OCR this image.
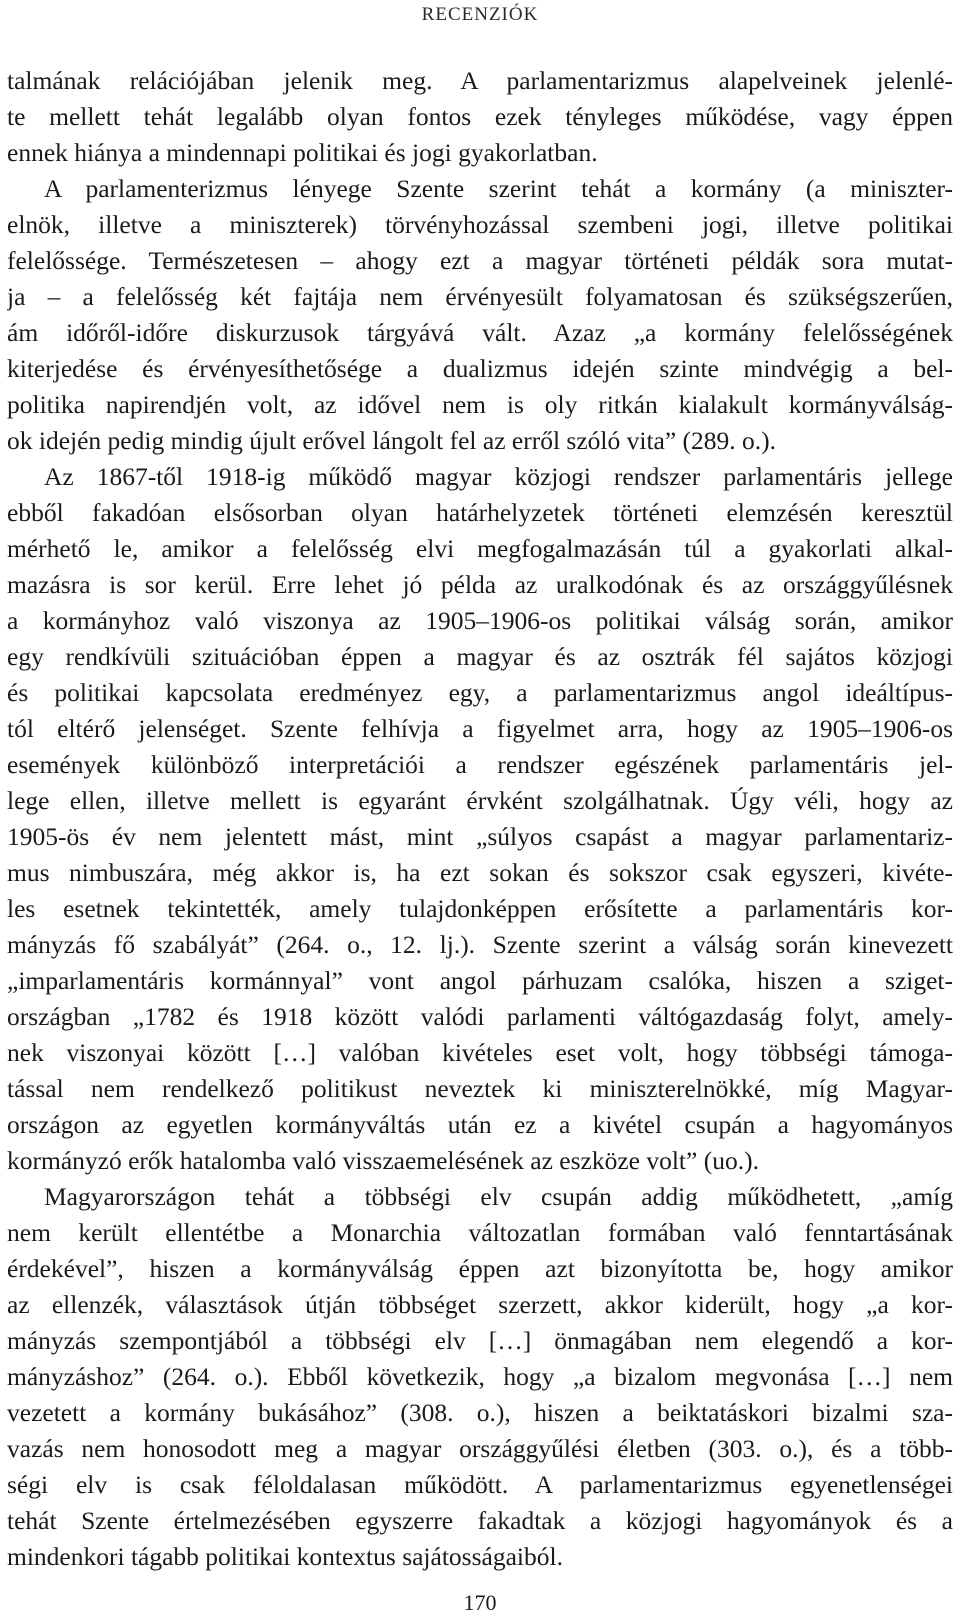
RECENZIÓK
talmának relációjában jelenik meg. A parlamentarizmus alapelveinek jelenlé-
te mellett tehát legalább olyan fontos ezek tényleges működése, vagy éppen
ennek hiánya a mindennapi politikai és jogi gyakorlatban.
A parlamenterizmus lényege Szente szerint tehát a kormány (a miniszter-
elnök, illetve a miniszterek) törvényhozással szembeni jogi, illetve politikai
felelőssége. Természetesen – ahogy ezt a magyar történeti példák sora mutat-
ja – a felelősség két fajtája nem érvényesült folyamatosan és szükségszerűen,
ám időről-időre diskurzusok tárgyává vált. Azaz „a kormány felelősségének
kiterjedése és érvényesíthetősége a dualizmus idején szinte mindvégig a bel-
politika napirendjén volt, az idővel nem is oly ritkán kialakult kormányválság-
ok idején pedig mindig újult erővel lángolt fel az erről szóló vita” (289. o.).
Az 1867-től 1918-ig működő magyar közjogi rendszer parlamentáris jellege
ebből fakadóan elsősorban olyan határhelyzetek történeti elemzésén keresztül
mérhető le, amikor a felelősség elvi megfogalmazásán túl a gyakorlati alkal-
mazásra is sor kerül. Erre lehet jó példa az uralkodónak és az országgyűlésnek
a kormányhoz való viszonya az 1905–1906-os politikai válság során, amikor
egy rendkívüli szituációban éppen a magyar és az osztrák fél sajátos közjogi
és politikai kapcsolata eredményez egy, a parlamentarizmus angol ideáltípus-
tól eltérő jelenséget. Szente felhívja a figyelmet arra, hogy az 1905–1906-os
események különböző interpretációi a rendszer egészének parlamentáris jel-
lege ellen, illetve mellett is egyaránt érvként szolgálhatnak. Úgy véli, hogy az
1905-ös év nem jelentett mást, mint „súlyos csapást a magyar parlamentariz-
mus nimbuszára, még akkor is, ha ezt sokan és sokszor csak egyszeri, kivéte-
les esetnek tekintették, amely tulajdonképpen erősítette a parlamentáris kor-
mányzás fő szabályát” (264. o., 12. lj.). Szente szerint a válság során kinevezett
„imparlamentáris kormánnyal” vont angol párhuzam csalóka, hiszen a sziget-
országban „1782 és 1918 között valódi parlamenti váltógazdaság folyt, amely-
nek viszonyai között […] valóban kivételes eset volt, hogy többségi támoga-
tással nem rendelkező politikust neveztek ki miniszterelnökké, míg Magyar-
országon az egyetlen kormányváltás után ez a kivétel csupán a hagyományos
kormányzó erők hatalomba való visszaemelésének az eszköze volt” (uo.).
Magyarországon tehát a többségi elv csupán addig működhetett, „amíg
nem került ellentétbe a Monarchia változatlan formában való fenntartásának
érdekével”, hiszen a kormányválság éppen azt bizonyította be, hogy amikor
az ellenzék, választások útján többséget szerzett, akkor kiderült, hogy „a kor-
mányzás szempontjából a többségi elv […] önmagában nem elegendő a kor-
mányzáshoz” (264. o.). Ebből következik, hogy „a bizalom megvonása […] nem
vezetett a kormány bukásához” (308. o.), hiszen a beiktatáskori bizalmi sza-
vazás nem honosodott meg a magyar országgyűlési életben (303. o.), és a több-
ségi elv is csak féloldalasan működött. A parlamentarizmus egyenetlenségei
tehát Szente értelmezésében egyszerre fakadtak a közjogi hagyományok és a
mindenkori tágabb politikai kontextus sajátosságaiból.
170
